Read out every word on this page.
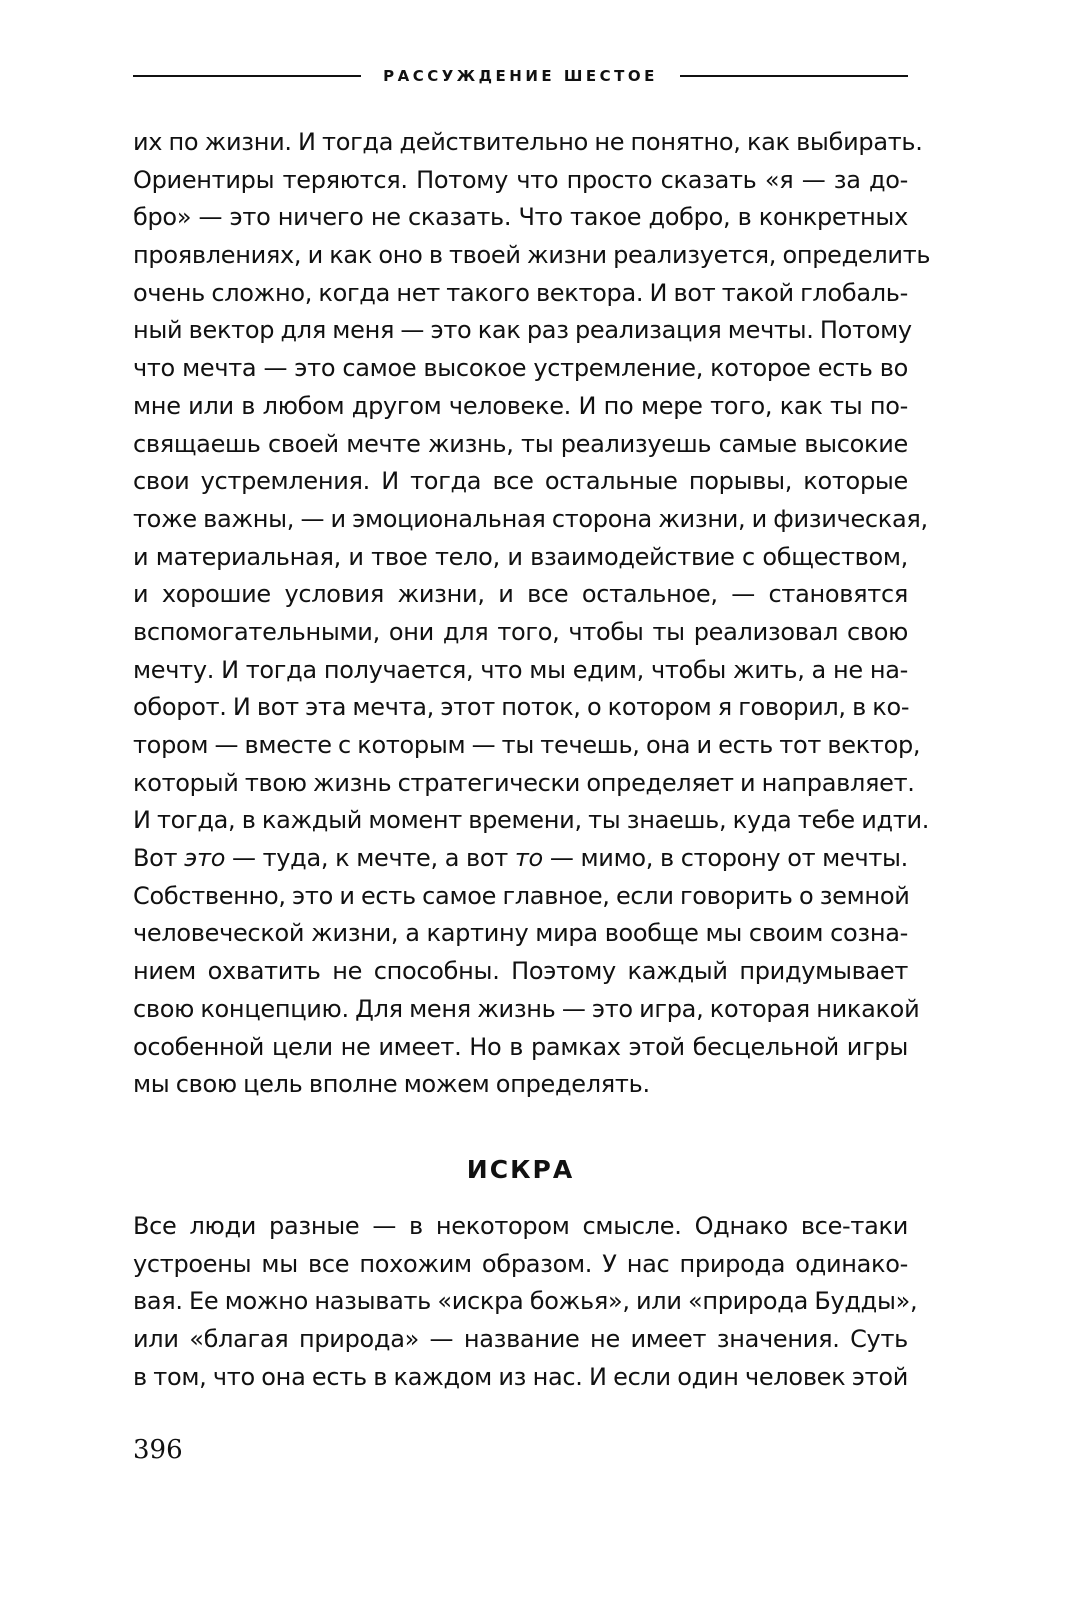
РАССУЖДЕНИЕ ШЕСТОЕ
их по жизни. И тогда действительно не понятно, как выбирать.
Ориентиры теряются. Потому что просто сказать «я — за до-
бро» — это ничего не сказать. Что такое добро, в конкретных
проявлениях, и как оно в твоей жизни реализуется, определить
очень сложно, когда нет такого вектора. И вот такой глобаль-
ный вектор для меня — это как раз реализация мечты. Потому
что мечта — это самое высокое устремление, которое есть во
мне или в любом другом человеке. И по мере того, как ты по-
свящаешь своей мечте жизнь, ты реализуешь самые высокие
свои устремления. И тогда все остальные порывы, которые
тоже важны, — и эмоциональная сторона жизни, и физическая,
и материальная, и твое тело, и взаимодействие с обществом,
и хорошие условия жизни, и все остальное, — становятся
вспомогательными, они для того, чтобы ты реализовал свою
мечту. И тогда получается, что мы едим, чтобы жить, а не на-
оборот. И вот эта мечта, этот поток, о котором я говорил, в ко-
тором — вместе с которым — ты течешь, она и есть тот вектор,
который твою жизнь стратегически определяет и направляет.
И тогда, в каждый момент времени, ты знаешь, куда тебе идти.
Вот это — туда, к мечте, а вот то — мимо, в сторону от мечты.
Собственно, это и есть самое главное, если говорить о земной
человеческой жизни, а картину мира вообще мы своим созна-
нием охватить не способны. Поэтому каждый придумывает
свою концепцию. Для меня жизнь — это игра, которая никакой
особенной цели не имеет. Но в рамках этой бесцельной игры
мы свою цель вполне можем определять.
ИСКРА
Все люди разные — в некотором смысле. Однако все-таки
устроены мы все похожим образом. У нас природа одинако-
вая. Ее можно называть «искра божья», или «природа Будды»,
или «благая природа» — название не имеет значения. Суть
в том, что она есть в каждом из нас. И если один человек этой
396
